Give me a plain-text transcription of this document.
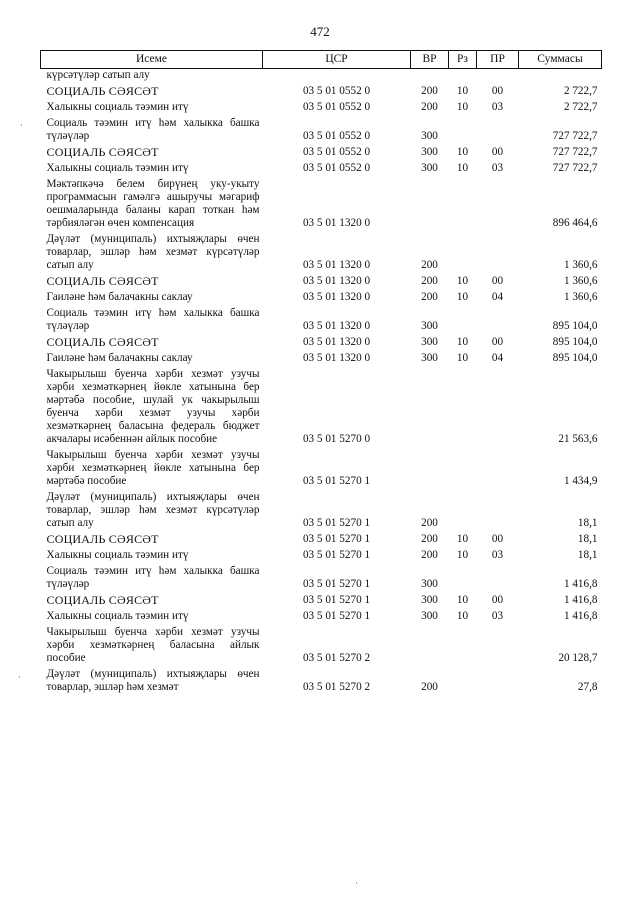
472
Исеме	ЦСР	ВР	Рз	ПР	Суммасы
күрсәтүләр сатып алу					
СОЦИАЛЬ СӘЯСӘТ	03 5 01 0552 0	200	10	00	2 722,7
Халыкны социаль тәэмин итү	03 5 01 0552 0	200	10	03	2 722,7
Социаль тәэмин итү һәм халыкка башка түләүләр	03 5 01 0552 0	300			727 722,7
СОЦИАЛЬ СӘЯСӘТ	03 5 01 0552 0	300	10	00	727 722,7
Халыкны социаль тәэмин итү	03 5 01 0552 0	300	10	03	727 722,7
Мәктәпкәчә белем бирүнең уку-укыту программасын гамәлгә ашыручы мәгариф оешмаларында баланы карап тоткан һәм тәрбияләгән өчен компенсация	03 5 01 1320 0				896 464,6
Дәүләт (муниципаль) ихтыяҗлары өчен товарлар, эшләр һәм хезмәт күрсәтүләр сатып алу	03 5 01 1320 0	200			1 360,6
СОЦИАЛЬ СӘЯСӘТ	03 5 01 1320 0	200	10	00	1 360,6
Гаиләне һәм балачакны саклау	03 5 01 1320 0	200	10	04	1 360,6
Социаль тәэмин итү һәм халыкка башка түләүләр	03 5 01 1320 0	300			895 104,0
СОЦИАЛЬ СӘЯСӘТ	03 5 01 1320 0	300	10	00	895 104,0
Гаиләне һәм балачакны саклау	03 5 01 1320 0	300	10	04	895 104,0
Чакырылыш буенча хәрби хезмәт узучы хәрби хезмәткәрнең йөкле хатынына бер мәртәбә пособие, шулай ук чакырылыш буенча хәрби хезмәт узучы хәрби хезмәткәрнең баласына федераль бюджет акчалары исәбеннән айлык пособие	03 5 01 5270 0				21 563,6
Чакырылыш буенча хәрби хезмәт узучы хәрби хезмәткәрнең йөкле хатынына бер мәртәбә пособие	03 5 01 5270 1				1 434,9
Дәүләт (муниципаль) ихтыяҗлары өчен товарлар, эшләр һәм хезмәт күрсәтүләр сатып алу	03 5 01 5270 1	200			18,1
СОЦИАЛЬ СӘЯСӘТ	03 5 01 5270 1	200	10	00	18,1
Халыкны социаль тәэмин итү	03 5 01 5270 1	200	10	03	18,1
Социаль тәэмин итү һәм халыкка башка түләүләр	03 5 01 5270 1	300			1 416,8
СОЦИАЛЬ СӘЯСӘТ	03 5 01 5270 1	300	10	00	1 416,8
Халыкны социаль тәэмин итү	03 5 01 5270 1	300	10	03	1 416,8
Чакырылыш буенча хәрби хезмәт узучы хәрби хезмәткәрнең баласына айлык пособие	03 5 01 5270 2				20 128,7
Дәүләт (муниципаль) ихтыяҗлары өчен товарлар, эшләр һәм хезмәт	03 5 01 5270 2	200			27,8
·
·
·
